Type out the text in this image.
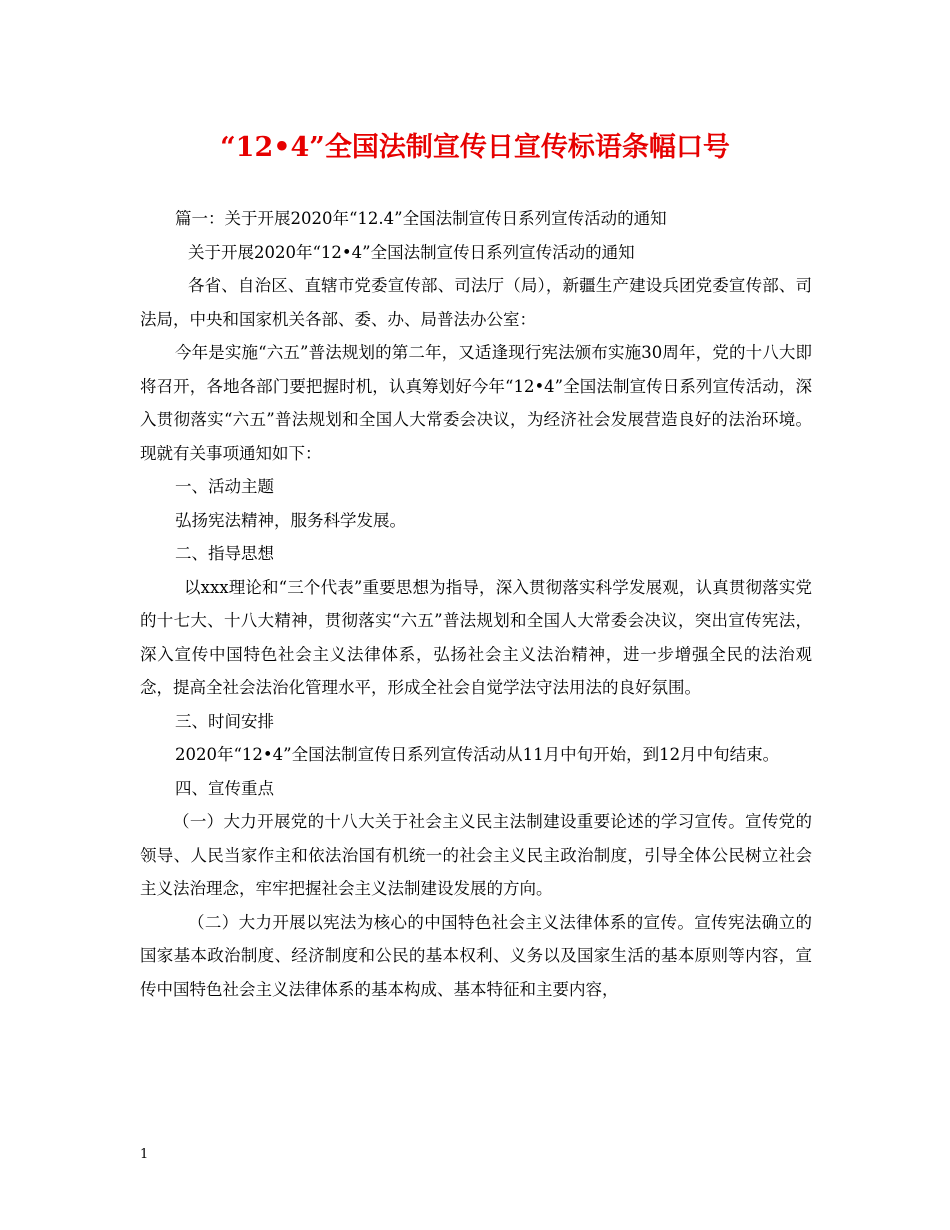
“12•4”全国法制宣传日宣传标语条幅口号

篇一：关于开展2020年“12.4”全国法制宣传日系列宣传活动的通知

关于开展2020年“12•4”全国法制宣传日系列宣传活动的通知

各省、自治区、直辖市党委宣传部、司法厅（局），新疆生产建设兵团党委宣传部、司法局，中央和国家机关各部、委、办、局普法办公室：

今年是实施“六五”普法规划的第二年，又适逢现行宪法颁布实施30周年，党的十八大即将召开，各地各部门要把握时机，认真筹划好今年“12•4”全国法制宣传日系列宣传活动，深入贯彻落实“六五”普法规划和全国人大常委会决议，为经济社会发展营造良好的法治环境。现就有关事项通知如下：

一、活动主题

弘扬宪法精神，服务科学发展。

二、指导思想

以xxx理论和“三个代表”重要思想为指导，深入贯彻落实科学发展观，认真贯彻落实党的十七大、十八大精神，贯彻落实“六五”普法规划和全国人大常委会决议，突出宣传宪法，深入宣传中国特色社会主义法律体系，弘扬社会主义法治精神，进一步增强全民的法治观念，提高全社会法治化管理水平，形成全社会自觉学法守法用法的良好氛围。

三、时间安排

2020年“12•4”全国法制宣传日系列宣传活动从11月中旬开始，到12月中旬结束。

四、宣传重点

（一）大力开展党的十八大关于社会主义民主法制建设重要论述的学习宣传。宣传党的领导、人民当家作主和依法治国有机统一的社会主义民主政治制度，引导全体公民树立社会主义法治理念，牢牢把握社会主义法制建设发展的方向。

（二）大力开展以宪法为核心的中国特色社会主义法律体系的宣传。宣传宪法确立的国家基本政治制度、经济制度和公民的基本权利、义务以及国家生活的基本原则等内容，宣传中国特色社会主义法律体系的基本构成、基本特征和主要内容，

1
